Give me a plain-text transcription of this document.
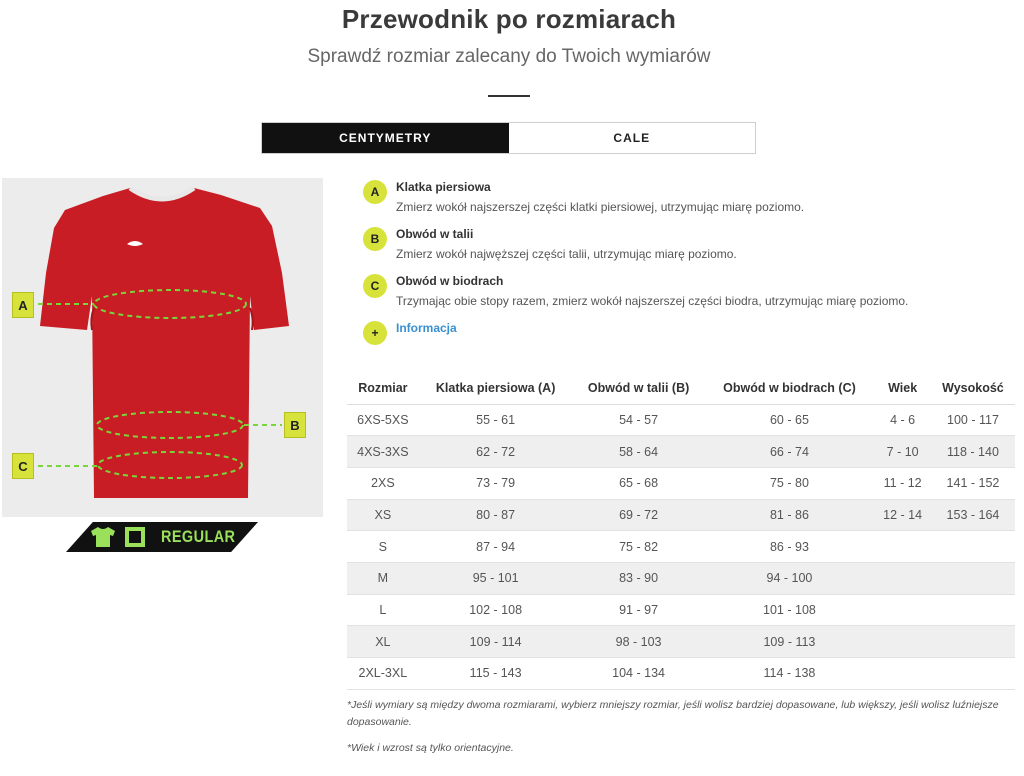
Przewodnik po rozmiarach
Sprawdź rozmiar zalecany do Twoich wymiarów
CENTYMETRY	CALE
A
B
C
REGULAR
A	Klatka piersiowa
Zmierz wokół najszerszej części klatki piersiowej, utrzymując miarę poziomo.
B	Obwód w talii
Zmierz wokół najwęższej części talii, utrzymując miarę poziomo.
C	Obwód w biodrach
Trzymając obie stopy razem, zmierz wokół najszerszej części biodra, utrzymując miarę poziomo.
+	Informacja
Rozmiar	Klatka piersiowa (A)	Obwód w talii (B)	Obwód w biodrach (C)	Wiek	Wysokość
6XS-5XS	55 - 61	54 - 57	60 - 65	4 - 6	100 - 117
4XS-3XS	62 - 72	58 - 64	66 - 74	7 - 10	118 - 140
2XS	73 - 79	65 - 68	75 - 80	11 - 12	141 - 152
XS	80 - 87	69 - 72	81 - 86	12 - 14	153 - 164
S	87 - 94	75 - 82	86 - 93		
M	95 - 101	83 - 90	94 - 100		
L	102 - 108	91 - 97	101 - 108		
XL	109 - 114	98 - 103	109 - 113		
2XL-3XL	115 - 143	104 - 134	114 - 138		
*Jeśli wymiary są między dwoma rozmiarami, wybierz mniejszy rozmiar, jeśli wolisz bardziej dopasowane, lub większy, jeśli wolisz luźniejsze dopasowanie.
*Wiek i wzrost są tylko orientacyjne.
